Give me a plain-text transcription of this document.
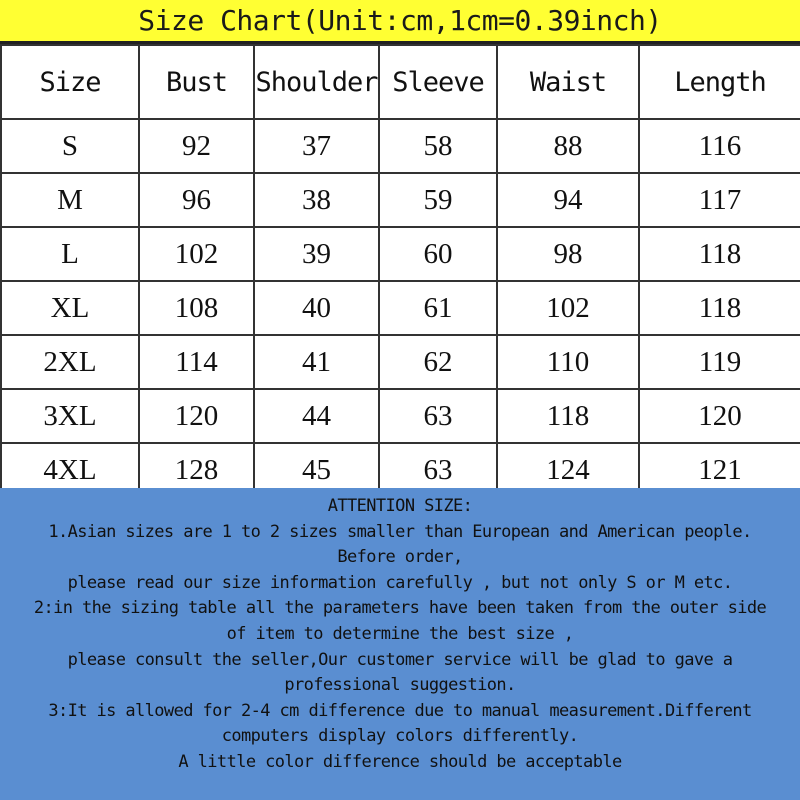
Size Chart(Unit:cm,1cm=0.39inch)
Size	Bust	Shoulder	Sleeve	Waist	Length
S	92	37	58	88	116
M	96	38	59	94	117
L	102	39	60	98	118
XL	108	40	61	102	118
2XL	114	41	62	110	119
3XL	120	44	63	118	120
4XL	128	45	63	124	121
ATTENTION SIZE:
1.Asian sizes are 1 to 2 sizes smaller than European and American people.
Before order,
please read our size information carefully , but not only S or M etc.
2:in the sizing table all the parameters have been taken from the outer side
of item to determine the best size ,
please consult the seller,Our customer service will be glad to gave a
professional suggestion.
3:It is allowed for 2-4 cm difference due to manual measurement.Different
computers display colors differently.
A little color difference should be acceptable
